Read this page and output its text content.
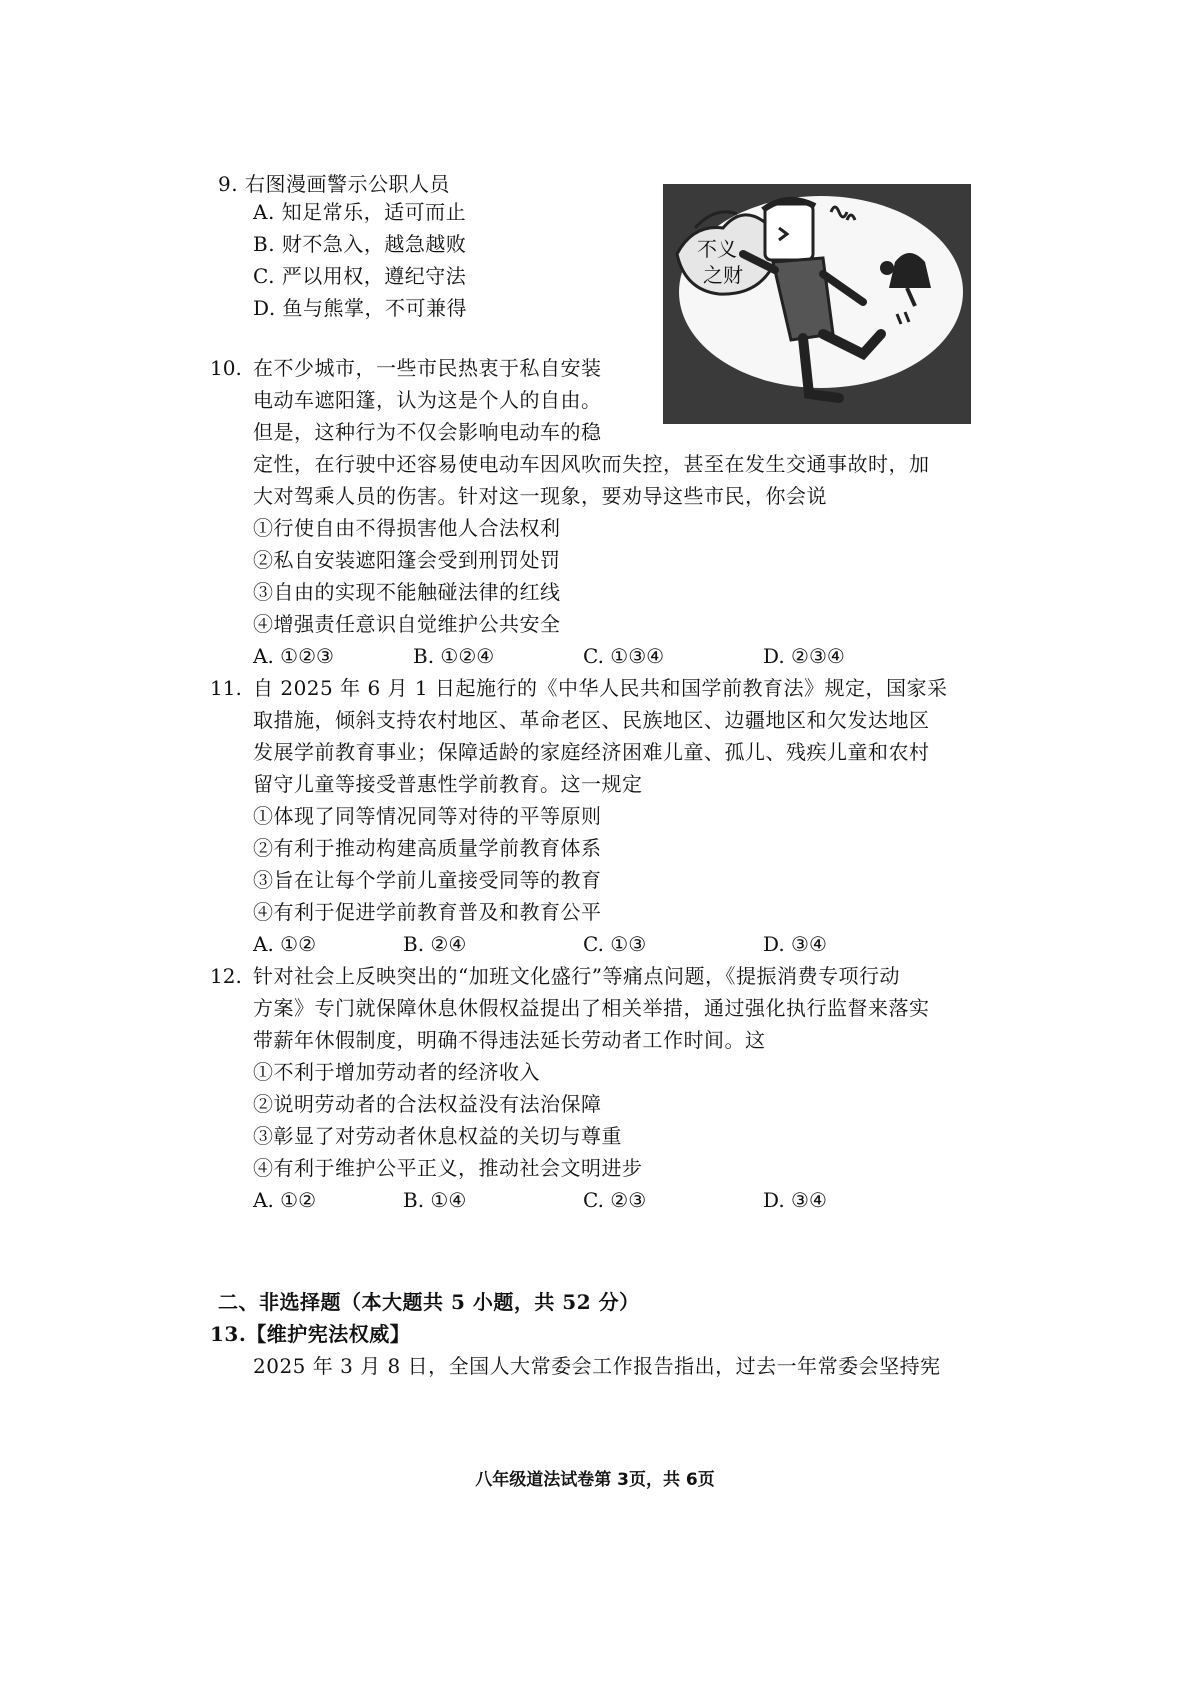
9. 右图漫画警示公职人员
A. 知足常乐，适可而止
B. 财不急入，越急越败
C. 严以用权，遵纪守法
D. 鱼与熊掌，不可兼得
不义
之财
10. 在不少城市，一些市民热衷于私自安装
电动车遮阳篷，认为这是个人的自由。
但是，这种行为不仅会影响电动车的稳
定性，在行驶中还容易使电动车因风吹而失控，甚至在发生交通事故时，加
大对驾乘人员的伤害。针对这一现象，要劝导这些市民，你会说
①行使自由不得损害他人合法权利
②私自安装遮阳篷会受到刑罚处罚
③自由的实现不能触碰法律的红线
④增强责任意识自觉维护公共安全
A. ①②③	B. ①②④	C. ①③④	D. ②③④
11. 自 2025 年 6 月 1 日起施行的《中华人民共和国学前教育法》规定，国家采
取措施，倾斜支持农村地区、革命老区、民族地区、边疆地区和欠发达地区
发展学前教育事业；保障适龄的家庭经济困难儿童、孤儿、残疾儿童和农村
留守儿童等接受普惠性学前教育。这一规定
①体现了同等情况同等对待的平等原则
②有利于推动构建高质量学前教育体系
③旨在让每个学前儿童接受同等的教育
④有利于促进学前教育普及和教育公平
A. ①②	B. ②④	C. ①③	D. ③④
12. 针对社会上反映突出的“加班文化盛行”等痛点问题，《提振消费专项行动
方案》专门就保障休息休假权益提出了相关举措，通过强化执行监督来落实
带薪年休假制度，明确不得违法延长劳动者工作时间。这
①不利于增加劳动者的经济收入
②说明劳动者的合法权益没有法治保障
③彰显了对劳动者休息权益的关切与尊重
④有利于维护公平正义，推动社会文明进步
A. ①②	B. ①④	C. ②③	D. ③④
二、非选择题（本大题共 5 小题，共 52 分）
13.【维护宪法权威】
2025 年 3 月 8 日，全国人大常委会工作报告指出，过去一年常委会坚持宪
八年级道法试卷第 3页，共 6页
